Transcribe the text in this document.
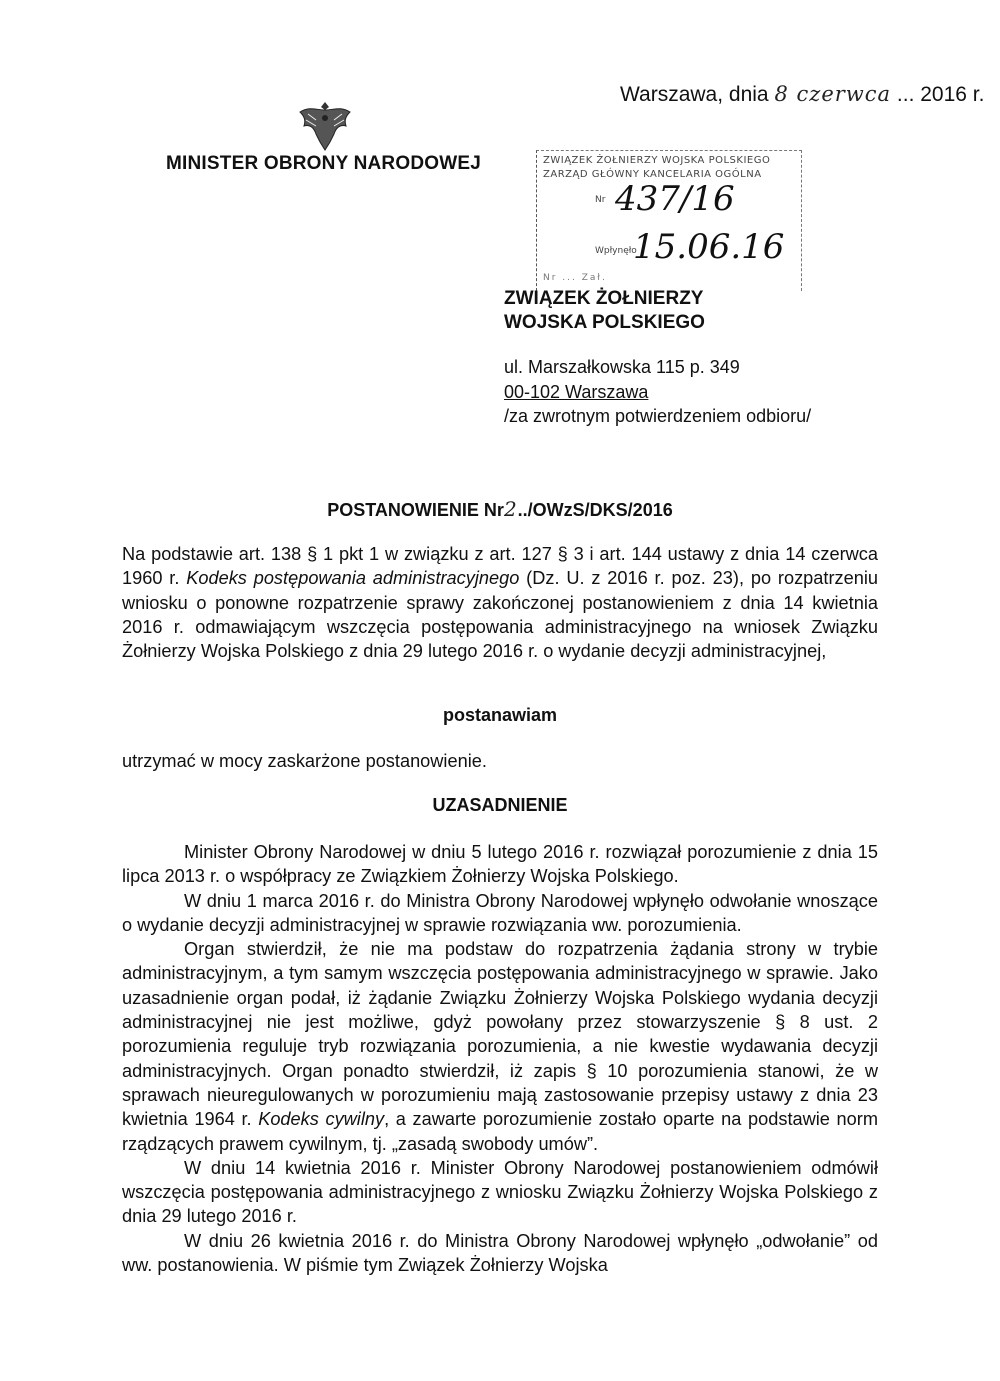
Warszawa, dnia 8 czerwca ... 2016 r.
MINISTER OBRONY NARODOWEJ	ZWIĄZEK ŻOŁNIERZY WOJSKA POLSKIEGO
ZARZĄD GŁÓWNY KANCELARIA OGÓLNA
Nr 437/16
Wpłynęło
15.06.16
Nr ... Zał.
ZWIĄZEK ŻOŁNIERZY
WOJSKA POLSKIEGO
ul. Marszałkowska 115 p. 349
00-102 Warszawa
/za zwrotnym potwierdzeniem odbioru/
POSTANOWIENIE Nr2../OWzS/DKS/2016
Na podstawie art. 138 § 1 pkt 1 w związku z art. 127 § 3 i art. 144 ustawy z dnia 14 czerwca 1960 r. Kodeks postępowania administracyjnego (Dz. U. z 2016 r. poz. 23), po rozpatrzeniu wniosku o ponowne rozpatrzenie sprawy zakończonej postanowieniem z dnia 14 kwietnia 2016 r. odmawiającym wszczęcia postępowania administracyjnego na wniosek Związku Żołnierzy Wojska Polskiego z dnia 29 lutego 2016 r. o wydanie decyzji administracyjnej,
postanawiam
utrzymać w mocy zaskarżone postanowienie.
UZASADNIENIE

Minister Obrony Narodowej w dniu 5 lutego 2016 r. rozwiązał porozumienie z dnia 15 lipca 2013 r. o współpracy ze Związkiem Żołnierzy Wojska Polskiego.

W dniu 1 marca 2016 r. do Ministra Obrony Narodowej wpłynęło odwołanie wnoszące o wydanie decyzji administracyjnej w sprawie rozwiązania ww. porozumienia.

Organ stwierdził, że nie ma podstaw do rozpatrzenia żądania strony w trybie administracyjnym, a tym samym wszczęcia postępowania administracyjnego w sprawie. Jako uzasadnienie organ podał, iż żądanie Związku Żołnierzy Wojska Polskiego wydania decyzji administracyjnej nie jest możliwe, gdyż powołany przez stowarzyszenie § 8 ust. 2 porozumienia reguluje tryb rozwiązania porozumienia, a nie kwestie wydawania decyzji administracyjnych. Organ ponadto stwierdził, iż zapis § 10 porozumienia stanowi, że w sprawach nieuregulowanych w porozumieniu mają zastosowanie przepisy ustawy z dnia 23 kwietnia 1964 r. Kodeks cywilny, a zawarte porozumienie zostało oparte na podstawie norm rządzących prawem cywilnym, tj. „zasadą swobody umów”.

W dniu 14 kwietnia 2016 r. Minister Obrony Narodowej postanowieniem odmówił wszczęcia postępowania administracyjnego z wniosku Związku Żołnierzy Wojska Polskiego z dnia 29 lutego 2016 r.

W dniu 26 kwietnia 2016 r. do Ministra Obrony Narodowej wpłynęło „odwołanie” od ww. postanowienia. W piśmie tym Związek Żołnierzy Wojska
